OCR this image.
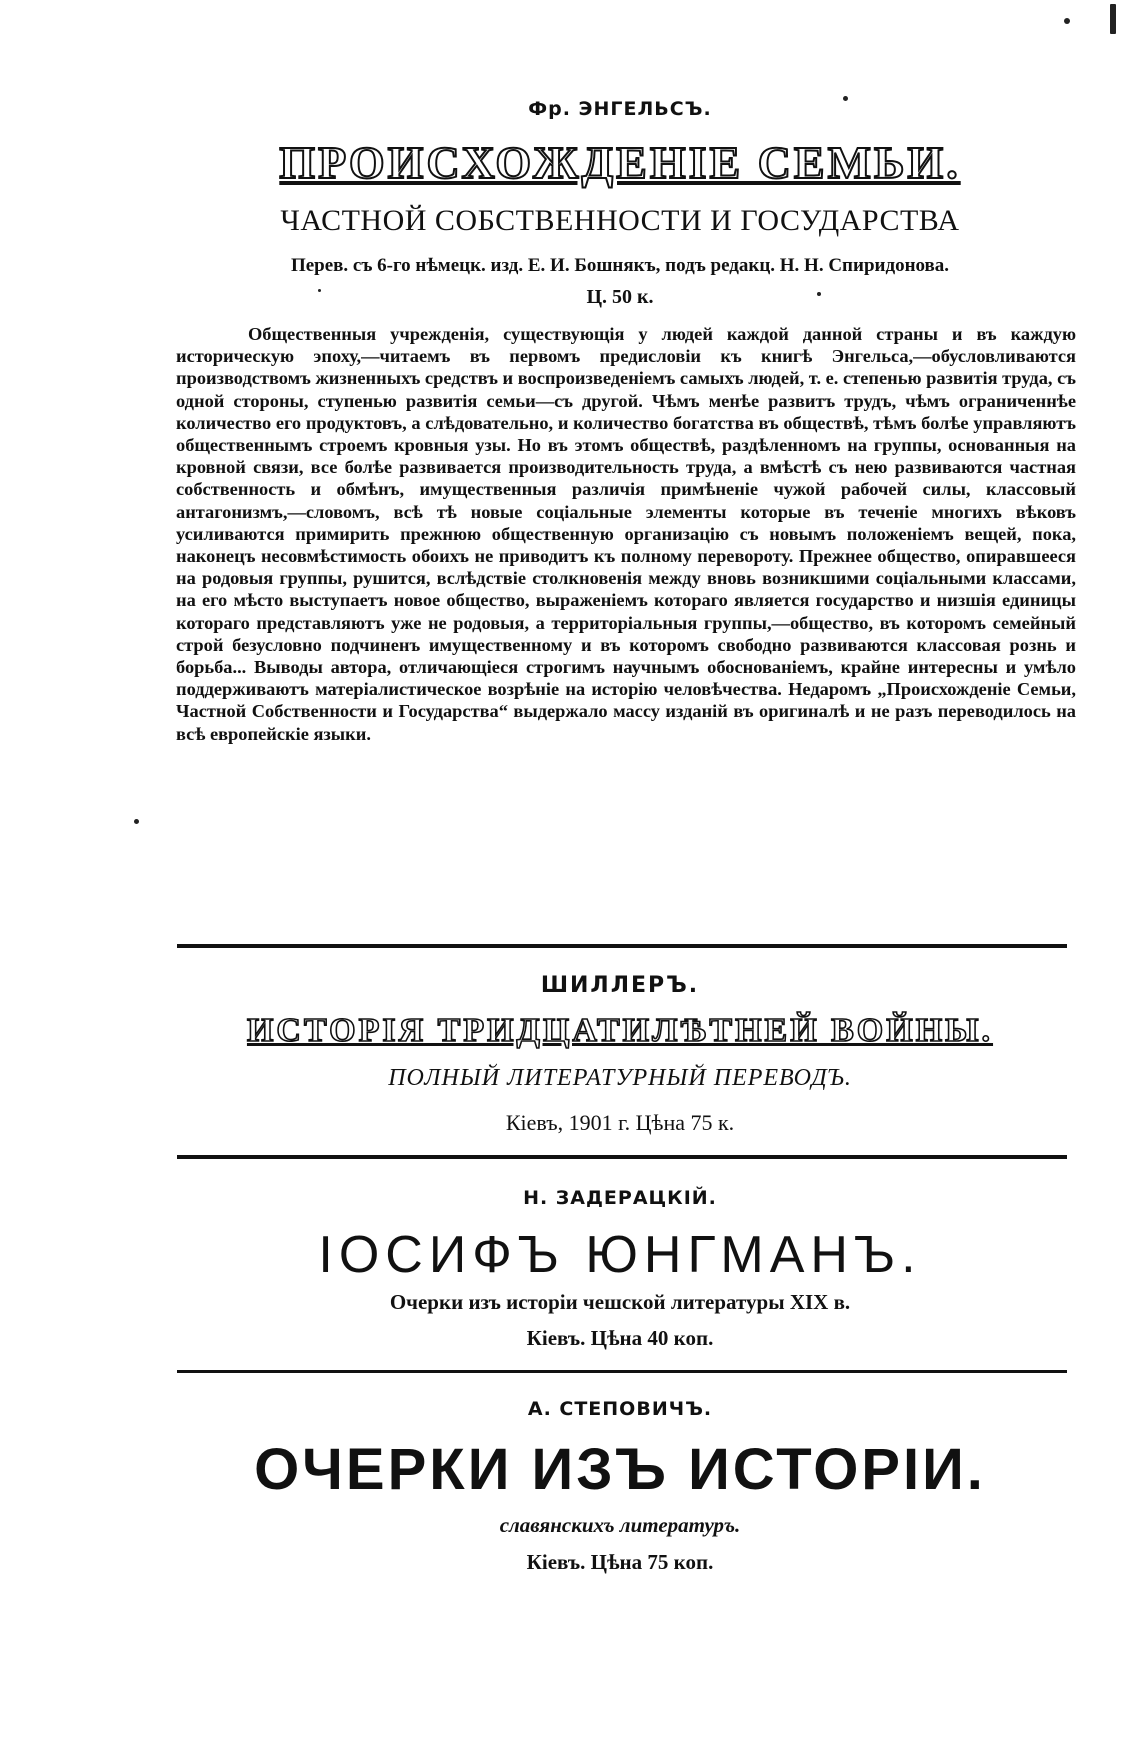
Фр. ЭНГЕЛЬСЪ.
ПРОИСХОЖДЕНІЕ СЕМЬИ.
ЧАСТНОЙ СОБСТВЕННОСТИ И ГОСУДАРСТВА
Перев. съ 6-го нѣмецк. изд. Е. И. Бошнякъ, подъ редакц. Н. Н. Спиридонова.
Ц. 50 к.
Общественныя учрежденія, существующія у людей каждой данной страны и въ каждую историческую эпоху,—читаемъ въ первомъ предисловіи къ книгѣ Энгельса,—обусловливаются производствомъ жизненныхъ средствъ и воспроизведеніемъ самыхъ людей, т. е. степенью развитія труда, съ одной стороны, ступенью развитія семьи—съ другой. Чѣмъ менѣе развитъ трудъ, чѣмъ ограниченнѣе количество его продуктовъ, а слѣдовательно, и количество богатства въ обществѣ, тѣмъ болѣе управляютъ общественнымъ строемъ кровныя узы. Но въ этомъ обществѣ, раздѣленномъ на группы, основанныя на кровной связи, все болѣе развивается производительность труда, а вмѣстѣ съ нею развиваются частная собственность и обмѣнъ, имущественныя различія примѣненіе чужой рабочей силы, классовый антагонизмъ,—словомъ, всѣ тѣ новые соціальные элементы которые въ теченіе многихъ вѣковъ усиливаются примирить прежнюю общественную организацію съ новымъ положеніемъ вещей, пока, наконецъ несовмѣстимость обоихъ не приводитъ къ полному перевороту. Прежнее общество, опиравшееся на родовыя группы, рушится, вслѣдствіе столкновенія между вновь возникшими соціальными классами, на его мѣсто выступаетъ новое общество, выраженіемъ котораго является государство и низшія единицы котораго представляютъ уже не родовыя, а территоріальныя группы,—общество, въ которомъ семейный строй безусловно подчиненъ имущественному и въ которомъ свободно развиваются классовая рознь и борьба... Выводы автора, отличающіеся строгимъ научнымъ обоснованіемъ, крайне интересны и умѣло поддерживаютъ матеріалистическое возрѣніе на исторію человѣчества. Недаромъ „Происхожденіе Семьи, Частной Собственности и Государства“ выдержало массу изданій въ оригиналѣ и не разъ переводилось на всѣ европейскіе языки.
ШИЛЛЕРЪ.
ИСТОРІЯ ТРИДЦАТИЛѢТНЕЙ ВОЙНЫ.
ПОЛНЫЙ ЛИТЕРАТУРНЫЙ ПЕРЕВОДЪ.
Кіевъ, 1901 г. Цѣна 75 к.
Н. ЗАДЕРАЦКІЙ.
ІОСИФЪ ЮНГМАНЪ.
Очерки изъ исторіи чешской литературы XIX в.
Кіевъ. Цѣна 40 коп.
А. СТЕПОВИЧЪ.
ОЧЕРКИ ИЗЪ ИСТОРІИ.
славянскихъ литературъ.
Кіевъ. Цѣна 75 коп.
